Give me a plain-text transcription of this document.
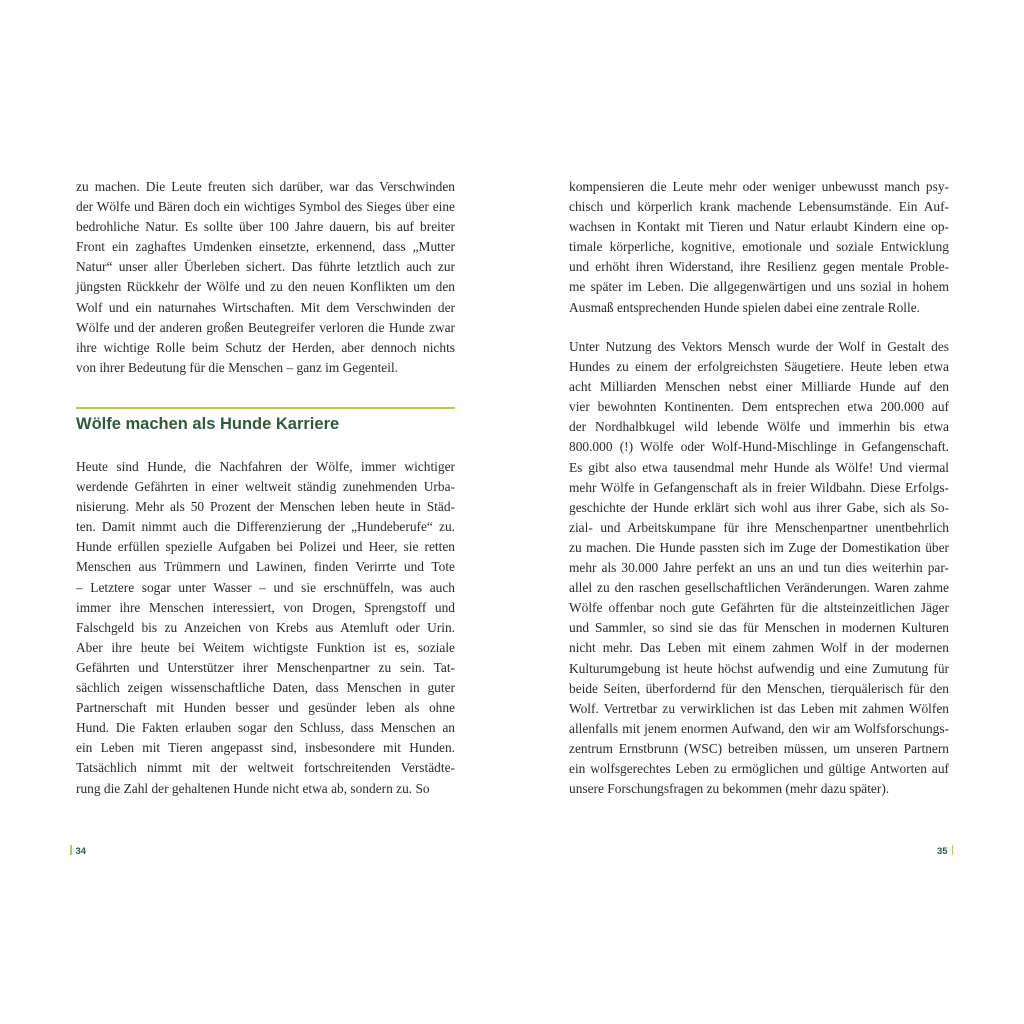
zu machen. Die Leute freuten sich darüber, war das Verschwinden
der Wölfe und Bären doch ein wichtiges Symbol des Sieges über eine
bedrohliche Natur. Es sollte über 100 Jahre dauern, bis auf breiter
Front ein zaghaftes Umdenken einsetzte, erkennend, dass „Mutter
Natur“ unser aller Überleben sichert. Das führte letztlich auch zur
jüngsten Rückkehr der Wölfe und zu den neuen Konflikten um den
Wolf und ein naturnahes Wirtschaften. Mit dem Verschwinden der
Wölfe und der anderen großen Beutegreifer verloren die Hunde zwar
ihre wichtige Rolle beim Schutz der Herden, aber dennoch nichts
von ihrer Bedeutung für die Menschen – ganz im Gegenteil.
Wölfe machen als Hunde Karriere
Heute sind Hunde, die Nachfahren der Wölfe, immer wichtiger
werdende Gefährten in einer weltweit ständig zunehmenden Urba-
nisierung. Mehr als 50 Prozent der Menschen leben heute in Städ-
ten. Damit nimmt auch die Differenzierung der „Hundeberufe“ zu.
Hunde erfüllen spezielle Aufgaben bei Polizei und Heer, sie retten
Menschen aus Trümmern und Lawinen, finden Verirrte und Tote
– Letztere sogar unter Wasser – und sie erschnüffeln, was auch
immer ihre Menschen interessiert, von Drogen, Sprengstoff und
Falschgeld bis zu Anzeichen von Krebs aus Atemluft oder Urin.
Aber ihre heute bei Weitem wichtigste Funktion ist es, soziale
Gefährten und Unterstützer ihrer Menschenpartner zu sein. Tat-
sächlich zeigen wissenschaftliche Daten, dass Menschen in guter
Partnerschaft mit Hunden besser und gesünder leben als ohne
Hund. Die Fakten erlauben sogar den Schluss, dass Menschen an
ein Leben mit Tieren angepasst sind, insbesondere mit Hunden.
Tatsächlich nimmt mit der weltweit fortschreitenden Verstädte-
rung die Zahl der gehaltenen Hunde nicht etwa ab, sondern zu. So
34
kompensieren die Leute mehr oder weniger unbewusst manch psy-
chisch und körperlich krank machende Lebensumstände. Ein Auf-
wachsen in Kontakt mit Tieren und Natur erlaubt Kindern eine op-
timale körperliche, kognitive, emotionale und soziale Entwicklung
und erhöht ihren Widerstand, ihre Resilienz gegen mentale Proble-
me später im Leben. Die allgegenwärtigen und uns sozial in hohem
Ausmaß entsprechenden Hunde spielen dabei eine zentrale Rolle.
Unter Nutzung des Vektors Mensch wurde der Wolf in Gestalt des
Hundes zu einem der erfolgreichsten Säugetiere. Heute leben etwa
acht Milliarden Menschen nebst einer Milliarde Hunde auf den
vier bewohnten Kontinenten. Dem entsprechen etwa 200.000 auf
der Nordhalbkugel wild lebende Wölfe und immerhin bis etwa
800.000 (!) Wölfe oder Wolf-Hund-Mischlinge in Gefangenschaft.
Es gibt also etwa tausendmal mehr Hunde als Wölfe! Und viermal
mehr Wölfe in Gefangenschaft als in freier Wildbahn. Diese Erfolgs-
geschichte der Hunde erklärt sich wohl aus ihrer Gabe, sich als So-
zial- und Arbeitskumpane für ihre Menschenpartner unentbehrlich
zu machen. Die Hunde passten sich im Zuge der Domestikation über
mehr als 30.000 Jahre perfekt an uns an und tun dies weiterhin par-
allel zu den raschen gesellschaftlichen Veränderungen. Waren zahme
Wölfe offenbar noch gute Gefährten für die altsteinzeitlichen Jäger
und Sammler, so sind sie das für Menschen in modernen Kulturen
nicht mehr. Das Leben mit einem zahmen Wolf in der modernen
Kulturumgebung ist heute höchst aufwendig und eine Zumutung für
beide Seiten, überfordernd für den Menschen, tierquälerisch für den
Wolf. Vertretbar zu verwirklichen ist das Leben mit zahmen Wölfen
allenfalls mit jenem enormen Aufwand, den wir am Wolfsforschungs-
zentrum Ernstbrunn (WSC) betreiben müssen, um unseren Partnern
ein wolfsgerechtes Leben zu ermöglichen und gültige Antworten auf
unsere Forschungsfragen zu bekommen (mehr dazu später).
35
